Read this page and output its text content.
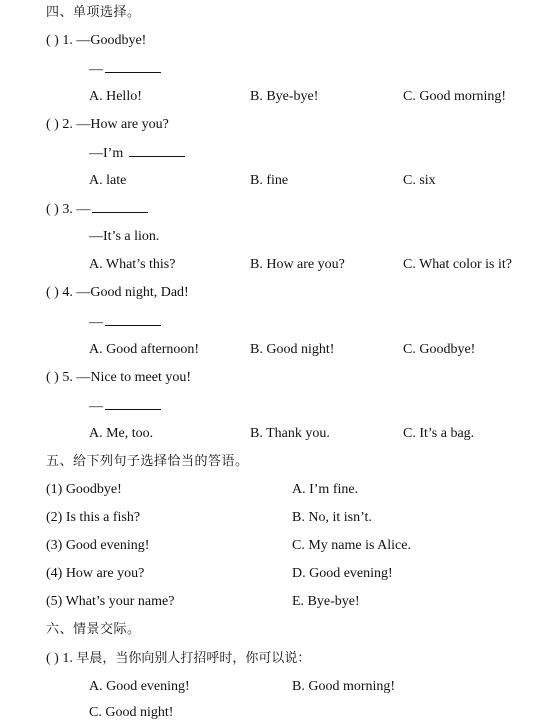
四、单项选择。
( ) 1. —Goodbye!
—
A. Hello!	B. Bye-bye!	C. Good morning!
( ) 2. —How are you?
—I’m
A. late	B. fine	C. six
( ) 3. —
—It’s a lion.
A. What’s this?	B. How are you?	C. What color is it?
( ) 4. —Good night, Dad!
—
A. Good afternoon!	B. Good night!	C. Goodbye!
( ) 5. —Nice to meet you!
—
A. Me, too.	B. Thank you.	C. It’s a bag.
五、给下列句子选择恰当的答语。
(1) Goodbye!	A. I’m fine.
(2) Is this a fish?	B. No, it isn’t.
(3) Good evening!	C. My name is Alice.
(4) How are you?	D. Good evening!
(5) What’s your name?	E. Bye-bye!
六、情景交际。
( ) 1. 早晨，当你向别人打招呼时，你可以说：
A. Good evening!	B. Good morning!
C. Good night!
